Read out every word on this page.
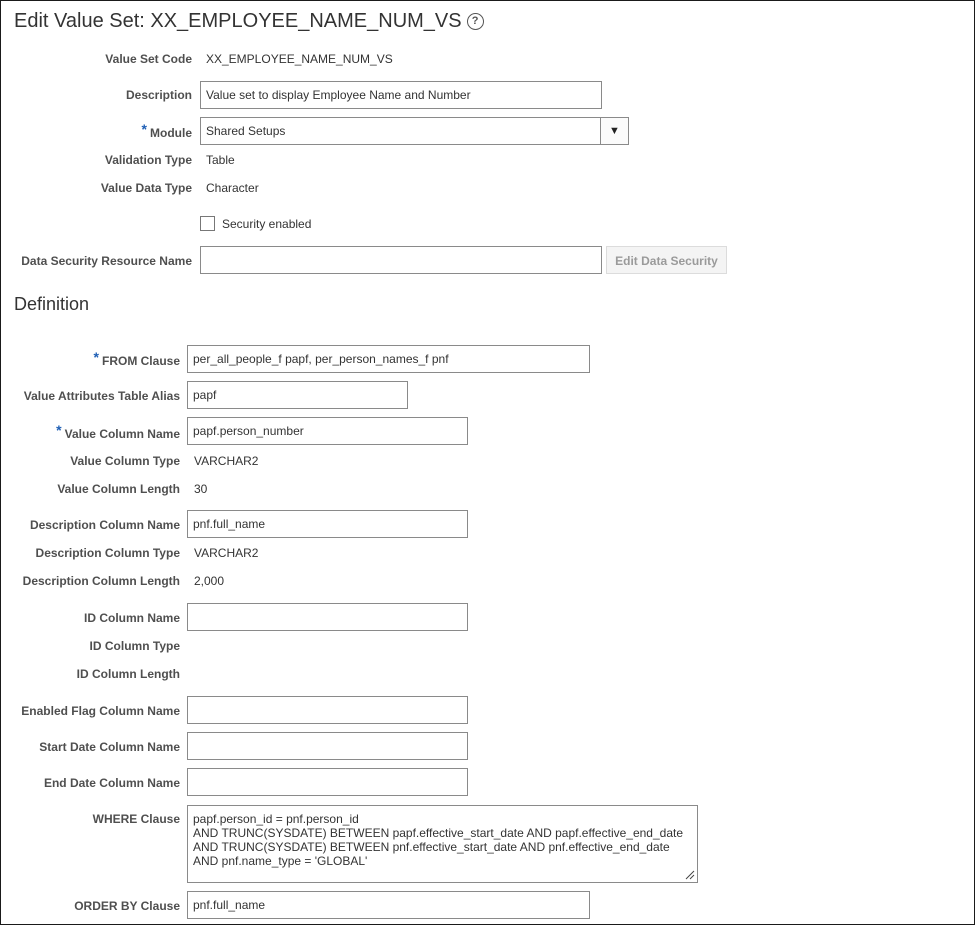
Edit Value Set: XX_EMPLOYEE_NAME_NUM_VS ?
Value Set Code XX_EMPLOYEE_NAME_NUM_VS
Description	Value set to display Employee Name and Number
* Module Shared Setups	▼
Validation Type Table
Value Data Type Character
Security enabled
Data Security Resource Name	Edit Data Security
Definition
* FROM Clause	per_all_people_f papf, per_person_names_f pnf
Value Attributes Table Alias	papf
* Value Column Name	papf.person_number
Value Column Type VARCHAR2
Value Column Length 30
Description Column Name	pnf.full_name
Description Column Type VARCHAR2
Description Column Length 2,000
ID Column Name
ID Column Type
ID Column Length
Enabled Flag Column Name
Start Date Column Name
End Date Column Name
WHERE Clause papf.person_id = pnf.person_id
AND TRUNC(SYSDATE) BETWEEN papf.effective_start_date AND papf.effective_end_date
AND TRUNC(SYSDATE) BETWEEN pnf.effective_start_date AND pnf.effective_end_date
AND pnf.name_type = 'GLOBAL'
ORDER BY Clause	pnf.full_name
